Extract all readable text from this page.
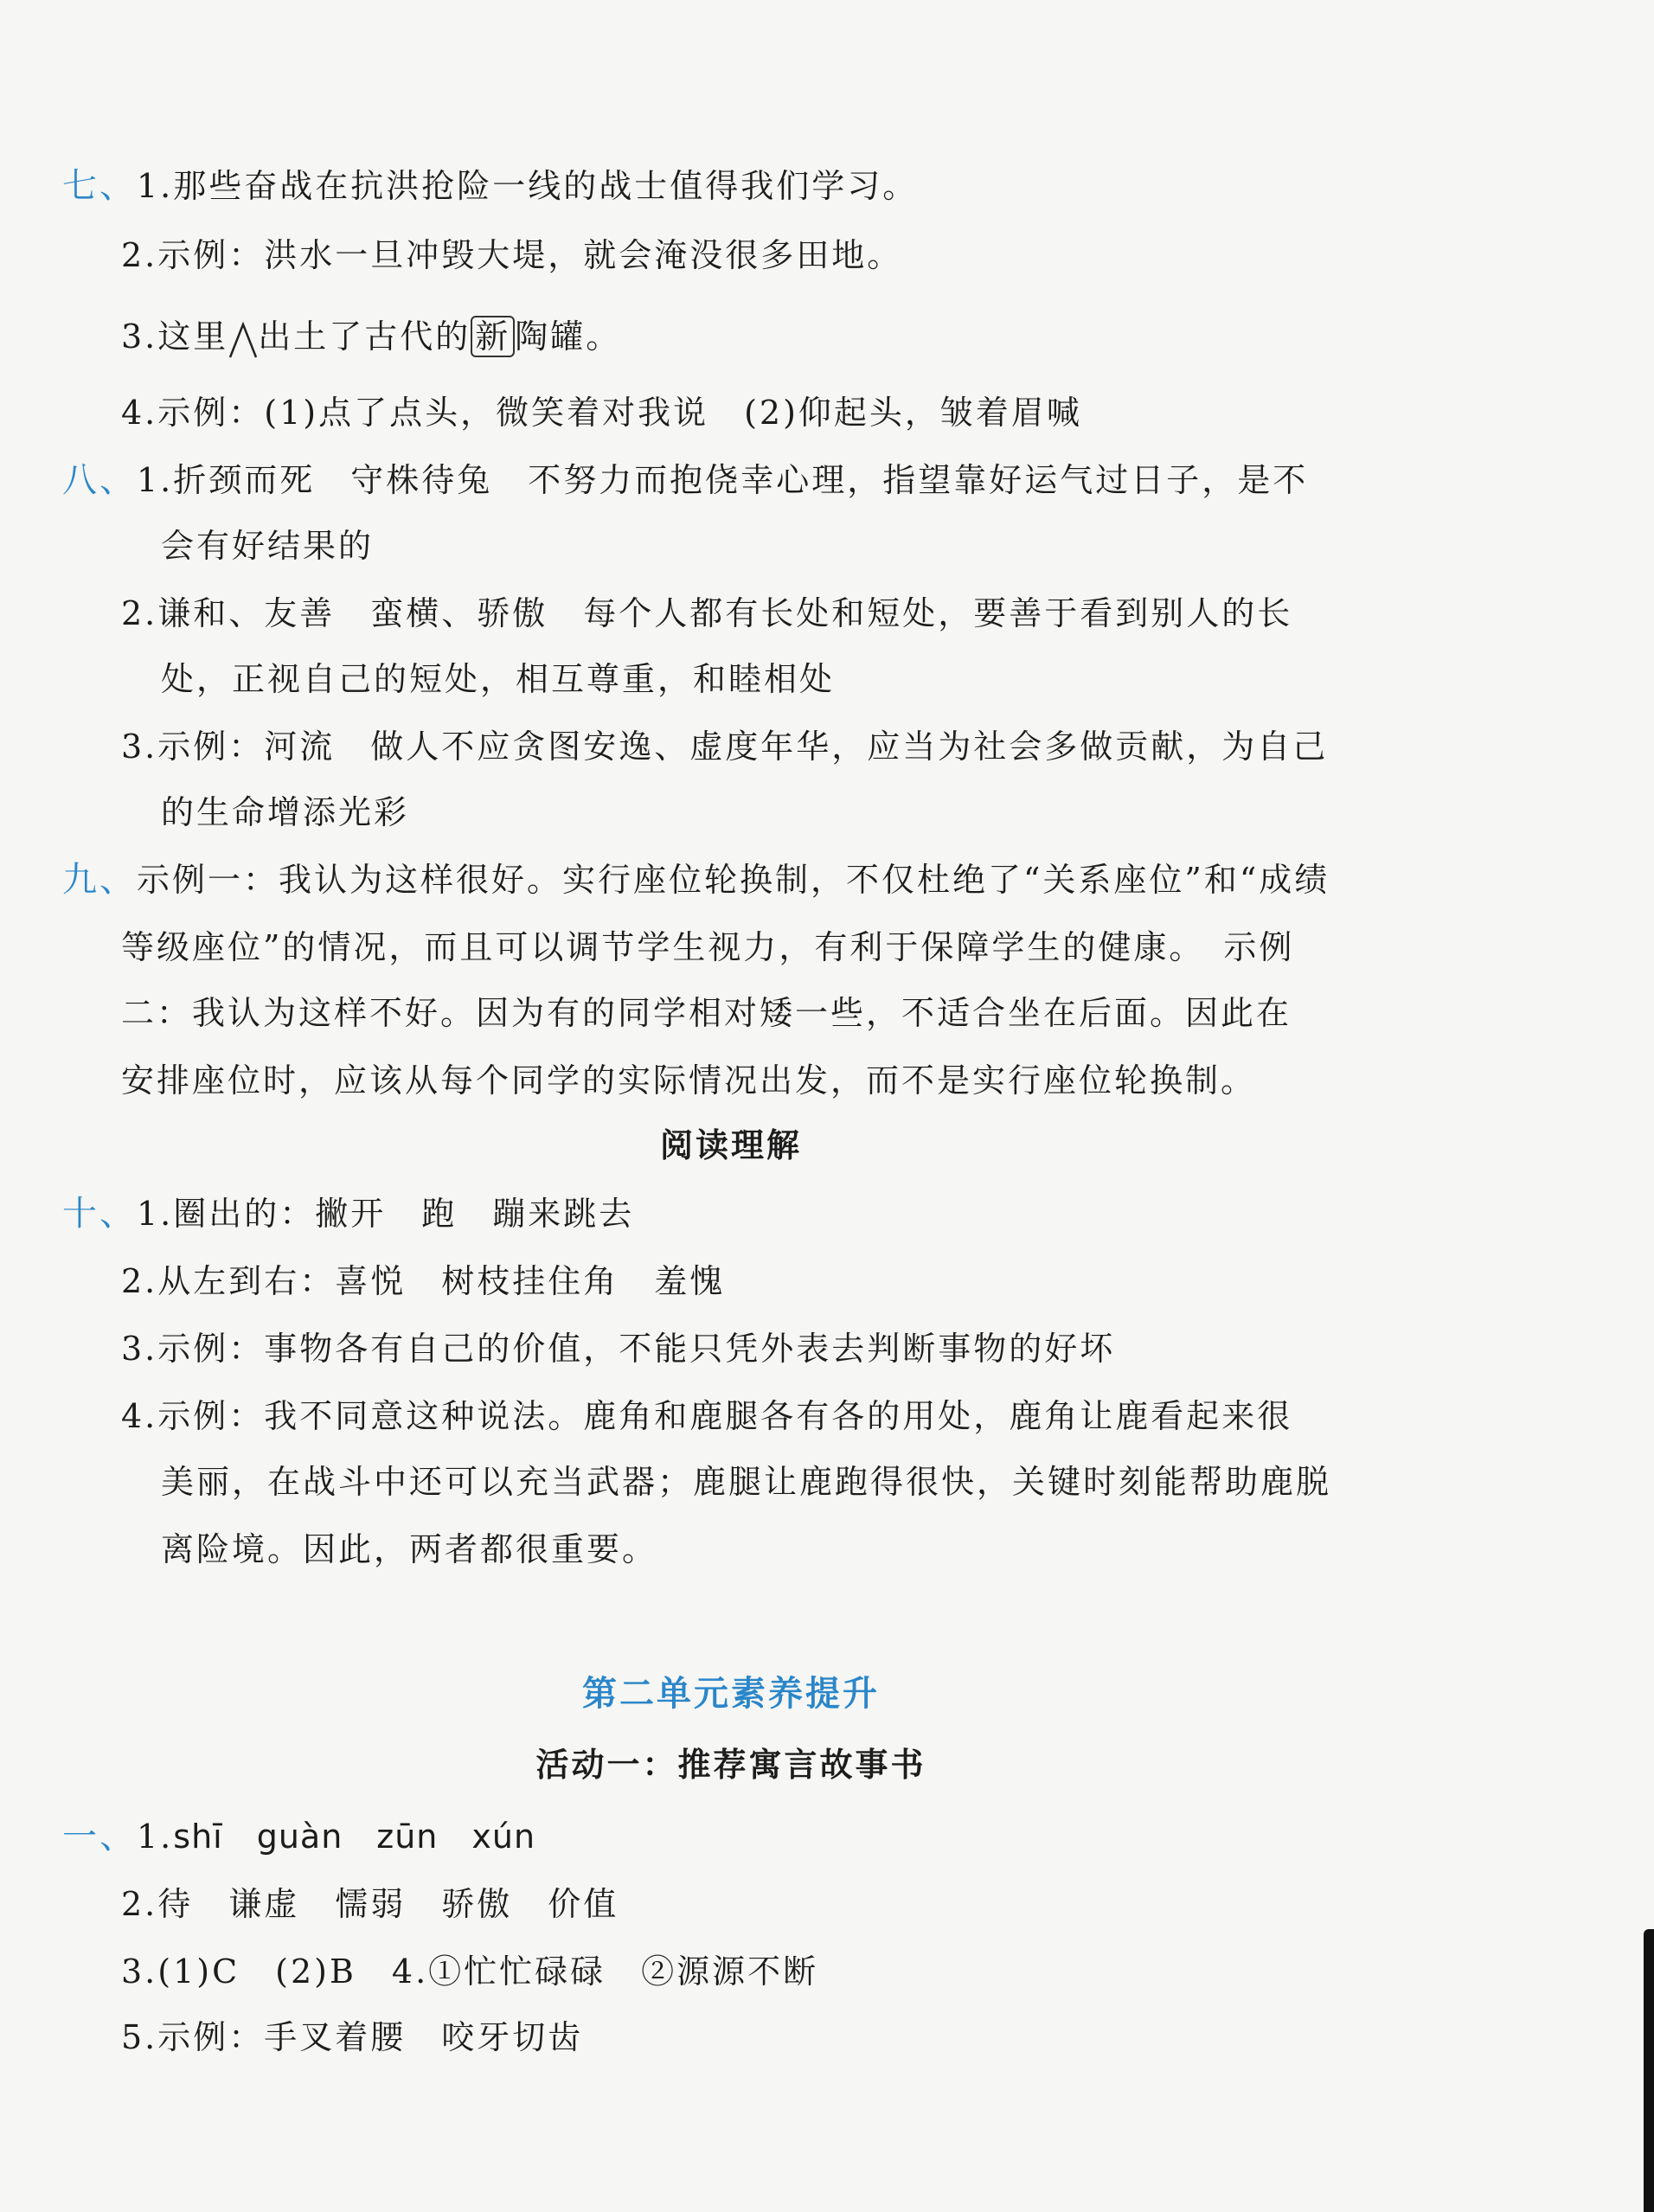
七、1.那些奋战在抗洪抢险一线的战士值得我们学习。
2.示例：洪水一旦冲毁大堤，就会淹没很多田地。
3.这里 出土了古代的 新 陶罐。
4.示例：(1)点了点头，微笑着对我说　(2)仰起头，皱着眉喊
八、1.折颈而死　守株待兔　不努力而抱侥幸心理，指望靠好运气过日子，是不
会有好结果的
2.谦和、友善　蛮横、骄傲　每个人都有长处和短处，要善于看到别人的长
处，正视自己的短处，相互尊重，和睦相处
3.示例：河流　做人不应贪图安逸、虚度年华，应当为社会多做贡献，为自己
的生命增添光彩
九、示例一：我认为这样很好。实行座位轮换制，不仅杜绝了“关系座位”和“成绩
等级座位”的情况，而且可以调节学生视力，有利于保障学生的健康。　示例
二：我认为这样不好。因为有的同学相对矮一些，不适合坐在后面。因此在
安排座位时，应该从每个同学的实际情况出发，而不是实行座位轮换制。
阅读理解
十、1.圈出的：撇开　跑　蹦来跳去
2.从左到右：喜悦　树枝挂住角　羞愧
3.示例：事物各有自己的价值，不能只凭外表去判断事物的好坏
4.示例：我不同意这种说法。鹿角和鹿腿各有各的用处，鹿角让鹿看起来很
美丽，在战斗中还可以充当武器；鹿腿让鹿跑得很快，关键时刻能帮助鹿脱
离险境。因此，两者都很重要。
第二单元素养提升
活动一：推荐寓言故事书
一、1.shī　guàn　zūn　xún
2.待　谦虚　懦弱　骄傲　价值
3.(1)C　(2)B　4.①忙忙碌碌　②源源不断
5.示例：手叉着腰　咬牙切齿
